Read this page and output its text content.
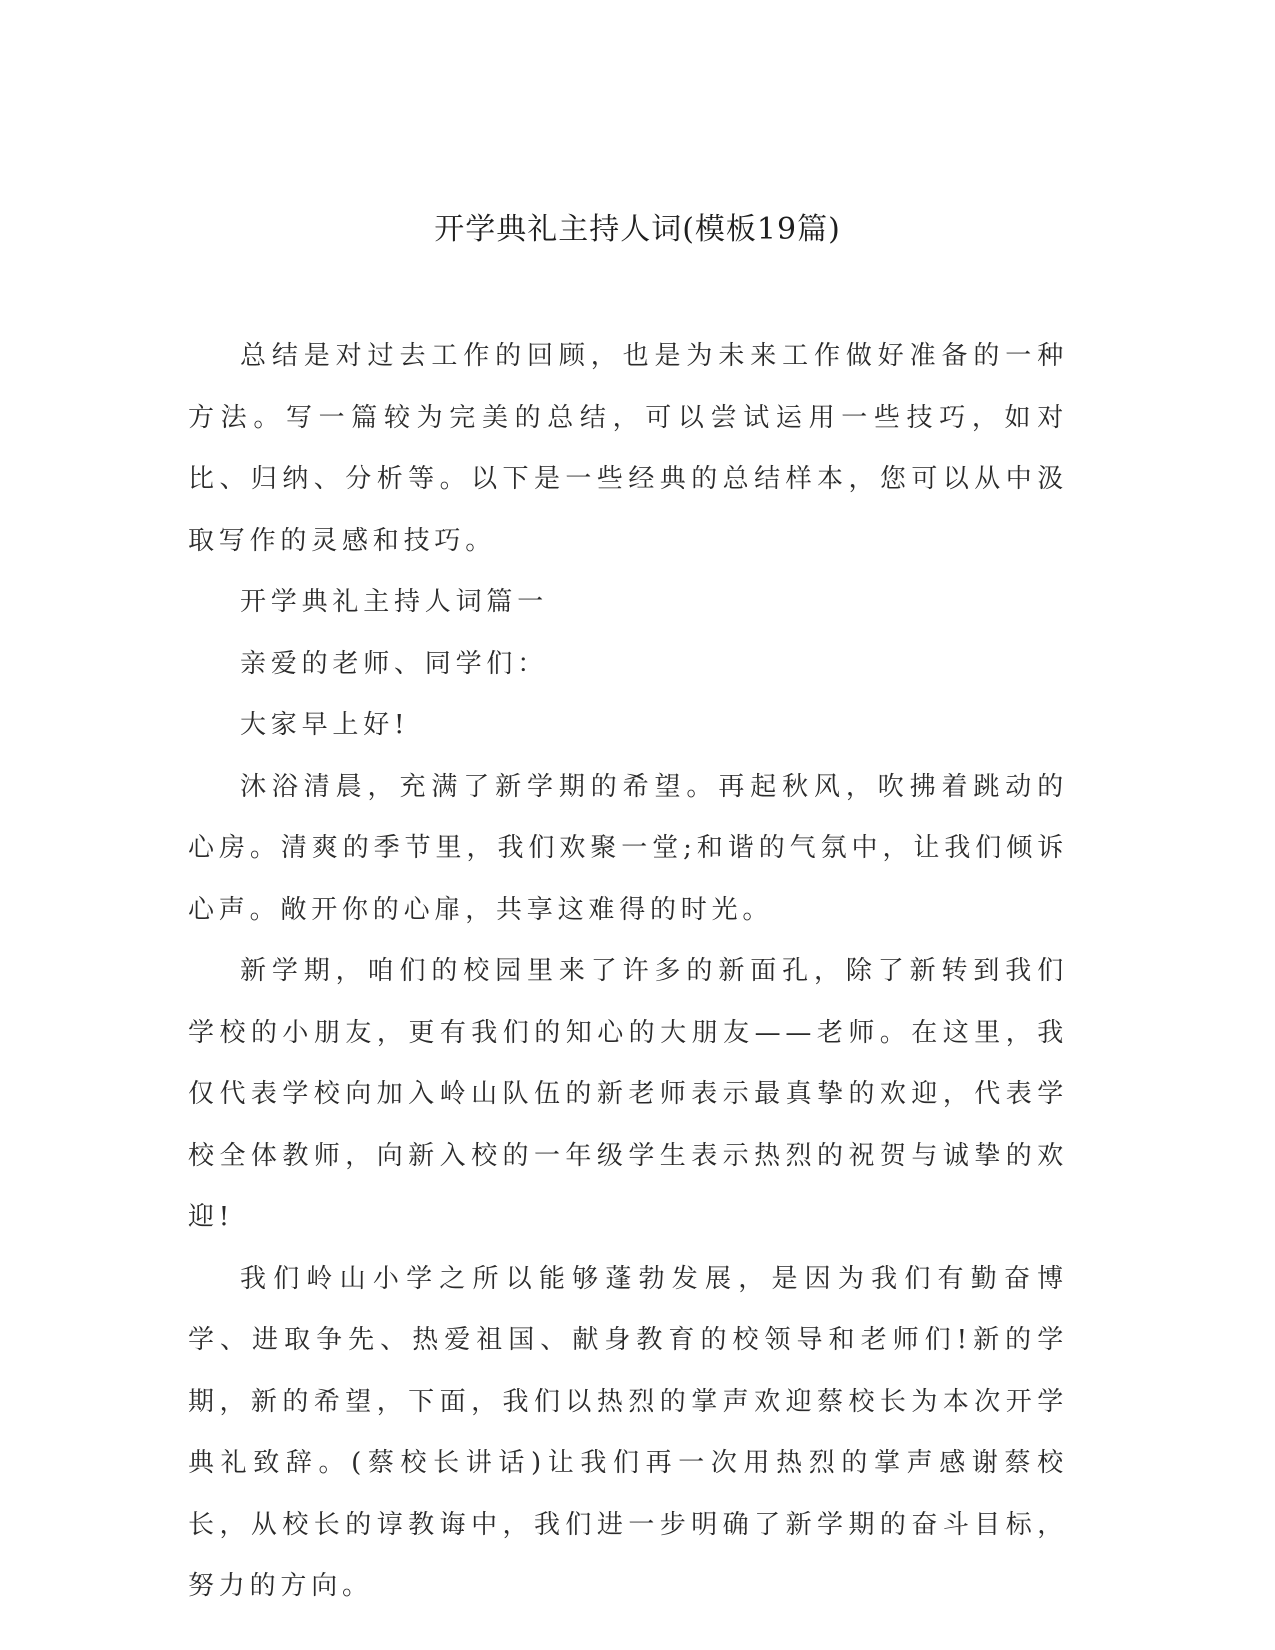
开学典礼主持人词(模板19篇)

总结是对过去工作的回顾，也是为未来工作做好准备的一种方法。写一篇较为完美的总结，可以尝试运用一些技巧，如对比、归纳、分析等。以下是一些经典的总结样本，您可以从中汲取写作的灵感和技巧。

开学典礼主持人词篇一

亲爱的老师、同学们：

大家早上好!

沐浴清晨，充满了新学期的希望。再起秋风，吹拂着跳动的心房。清爽的季节里，我们欢聚一堂;和谐的气氛中，让我们倾诉心声。敞开你的心扉，共享这难得的时光。

新学期，咱们的校园里来了许多的新面孔，除了新转到我们学校的小朋友，更有我们的知心的大朋友——老师。在这里，我仅代表学校向加入岭山队伍的新老师表示最真挚的欢迎，代表学校全体教师，向新入校的一年级学生表示热烈的祝贺与诚挚的欢迎!

我们岭山小学之所以能够蓬勃发展，是因为我们有勤奋博学、进取争先、热爱祖国、献身教育的校领导和老师们!新的学期，新的希望，下面，我们以热烈的掌声欢迎蔡校长为本次开学典礼致辞。(蔡校长讲话)让我们再一次用热烈的掌声感谢蔡校长，从校长的谆教诲中，我们进一步明确了新学期的奋斗目标，努力的方向。
